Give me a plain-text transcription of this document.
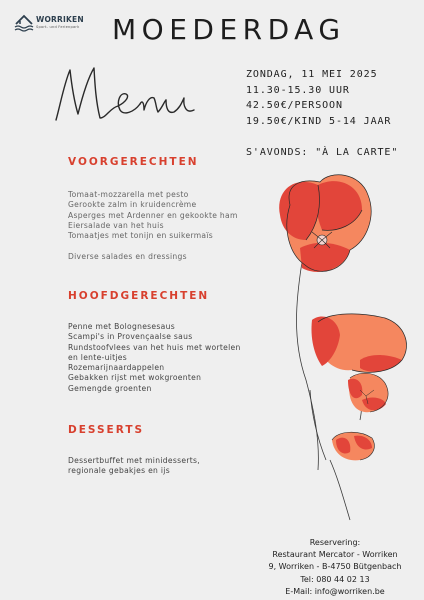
WORRIKEN
Sport- und Ferienpark MOEDERDAG
ZONDAG, 11 MEI 2025
11.30-15.30 UUR
42.50€/PERSOON
19.50€/KIND 5-14 JAAR
S'AVONDS: "À LA CARTE"
VOORGERECHTEN
Tomaat-mozzarella met pesto
Gerookte zalm in kruidencrème
Asperges met Ardenner en gekookte ham
Eiersalade van het huis
Tomaatjes met tonijn en suikermaïs
Diverse salades en dressings
HOOFDGERECHTEN
Penne met Bolognesesaus
Scampi's in Provençaalse saus
Rundstoofvlees van het huis met wortelen
en lente-uitjes
Rozemarijnaardappelen
Gebakken rijst met wokgroenten
Gemengde groenten
DESSERTS
Dessertbuffet met minidesserts,
regionale gebakjes en ijs
Reservering:
Restaurant Mercator - Worriken
9, Worriken - B-4750 Bütgenbach
Tel: 080 44 02 13
E-Mail: info@worriken.be
